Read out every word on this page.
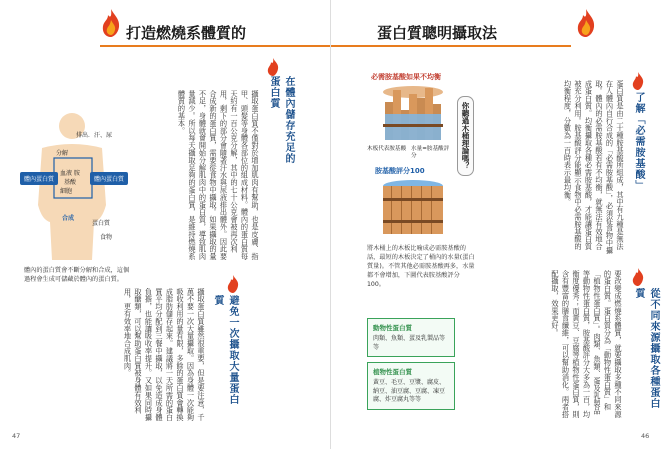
打造燃燒系體質的
在體內儲存充足的蛋白質
攝取蛋白質不僅對於增加肌肉有幫助，也是皮膚、指甲、頭髮等身體各部位的組成材料。體內的蛋白質每天約有一百公克分解，其中的七十公克會被再次利用，剩下的部分會隨著汗水與尿液排出體外。因此要合成新的蛋白質，需要從食物中攝取。如果攝取的量不足，身體就會開始分解肌肉中的蛋白質，導致肌肉量減少。所以每天攝取足夠的蛋白質，是維持燃燒系體質的基本。
排出．汗、尿
分解
體內蛋白質	體內蛋白質
血液 胺基酸
細胞
合成
蛋白質
食物
體內的蛋白質會不斷分解和合成，這個過程會生成可儲藏於體內的蛋白質。
避免一次攝取大量蛋白質
攝取蛋白質雖然很重要，但是要注意，千萬不要一次大量攝取。因為身體一次能夠吸收利用的量有限，多餘的蛋白質會轉換成脂肪儲存起來。建議將一天所需的蛋白質平均分配到三餐中攝取，以免造成身體負擔，也能讓吸收率提升。又如果同時攝取醣類，可以幫助蛋白質被身體有效利用，更有效率地合成肌肉。
47
蛋白質聰明攝取法
你聽過木桶理論嗎？
必需胺基酸如果不均衡
木板代表胺基酸 水量=胺基酸評分
胺基酸評分100
將木桶上的木板比喻成必需胺基酸的話，最短的木板決定了桶內的水量(蛋白質量)。不管其他必需胺基酸再多，水量都不會增加，下圖代表胺基酸評分100。
了解「必需胺基酸」
蛋白質是由二十種胺基酸所組成，其中有九種是無法在人體內自行合成的「必需胺基酸」，必須從食物中攝取。體內的必需胺基酸若有不均衡，就無法有效地合成蛋白質。均衡攝取各種必需胺基酸，才能讓蛋白質被充分利用。胺基酸評分能顯示食物中必需胺基酸的均衡程度，分數為一百時表示最均衡。
從不同來源攝取各種蛋白質
要改變成燃燒系體質，就要攝取多種不同來源的蛋白質。蛋白質分為「動物性蛋白質」和「植物性蛋白質」。肉類、魚類、蛋及乳製品等動物性蛋白質，胺基酸評分大多為一百，均衡度優秀；而黃豆、豆腐等植物性蛋白質，則含有豐富的膳食纖維，可以幫助消化。兩者搭配攝取，效果更好。
動物性蛋白質
肉類、魚類、蛋及乳製品等等
植物性蛋白質
黃豆、毛豆、豆漿、腐皮、納豆、油豆腐、豆腐、凍豆腐、炸豆腐丸等等
46
